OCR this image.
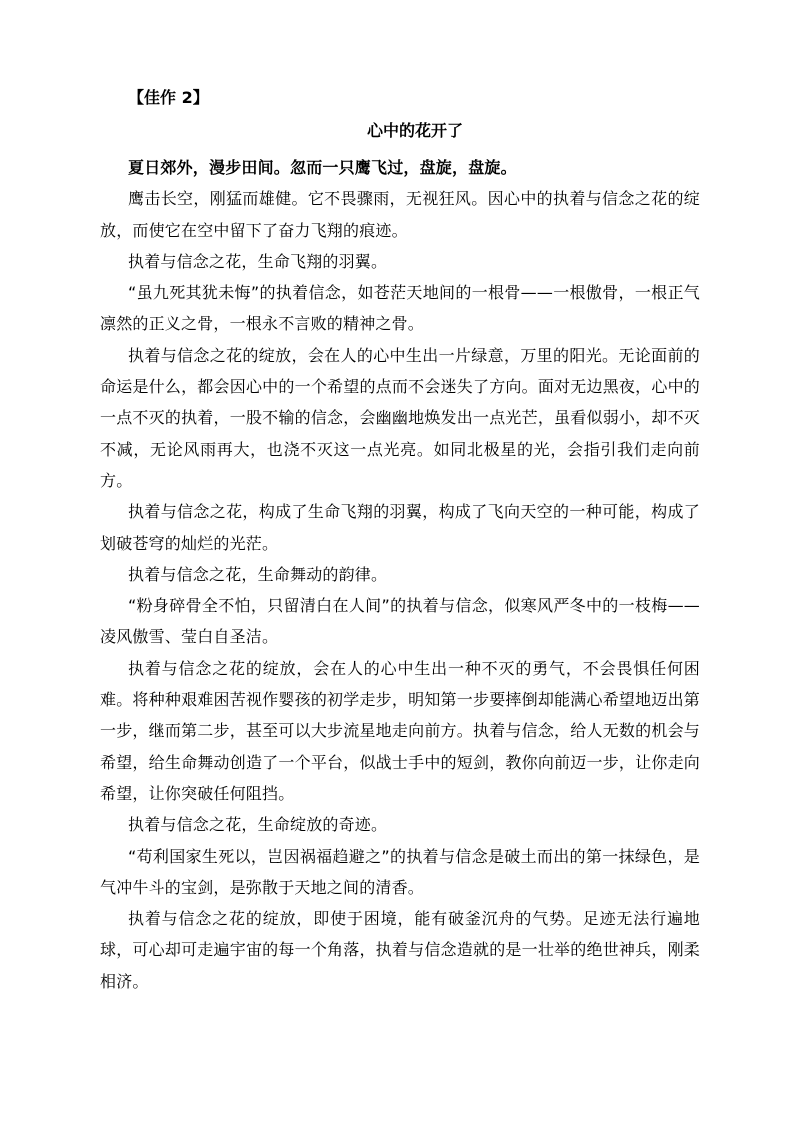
【佳作 2】
心中的花开了

夏日郊外，漫步田间。忽而一只鹰飞过，盘旋，盘旋。

鹰击长空，刚猛而雄健。它不畏骤雨，无视狂风。因心中的执着与信念之花的绽放，而使它在空中留下了奋力飞翔的痕迹。

执着与信念之花，生命飞翔的羽翼。

“虽九死其犹未悔”的执着信念，如苍茫天地间的一根骨——一根傲骨，一根正气凛然的正义之骨，一根永不言败的精神之骨。

执着与信念之花的绽放，会在人的心中生出一片绿意，万里的阳光。无论面前的命运是什么，都会因心中的一个希望的点而不会迷失了方向。面对无边黑夜，心中的一点不灭的执着，一股不输的信念，会幽幽地焕发出一点光芒，虽看似弱小，却不灭不减，无论风雨再大，也浇不灭这一点光亮。如同北极星的光，会指引我们走向前方。

执着与信念之花，构成了生命飞翔的羽翼，构成了飞向天空的一种可能，构成了划破苍穹的灿烂的光茫。

执着与信念之花，生命舞动的韵律。

“粉身碎骨全不怕，只留清白在人间”的执着与信念，似寒风严冬中的一枝梅——凌风傲雪、莹白自圣洁。

执着与信念之花的绽放，会在人的心中生出一种不灭的勇气，不会畏惧任何困难。将种种艰难困苦视作婴孩的初学走步，明知第一步要摔倒却能满心希望地迈出第一步，继而第二步，甚至可以大步流星地走向前方。执着与信念，给人无数的机会与希望，给生命舞动创造了一个平台，似战士手中的短剑，教你向前迈一步，让你走向希望，让你突破任何阻挡。

执着与信念之花，生命绽放的奇迹。

“苟利国家生死以，岂因祸福趋避之”的执着与信念是破土而出的第一抹绿色，是气冲牛斗的宝剑，是弥散于天地之间的清香。

执着与信念之花的绽放，即使于困境，能有破釜沉舟的气势。足迹无法行遍地球，可心却可走遍宇宙的每一个角落，执着与信念造就的是一壮举的绝世神兵，刚柔相济。
